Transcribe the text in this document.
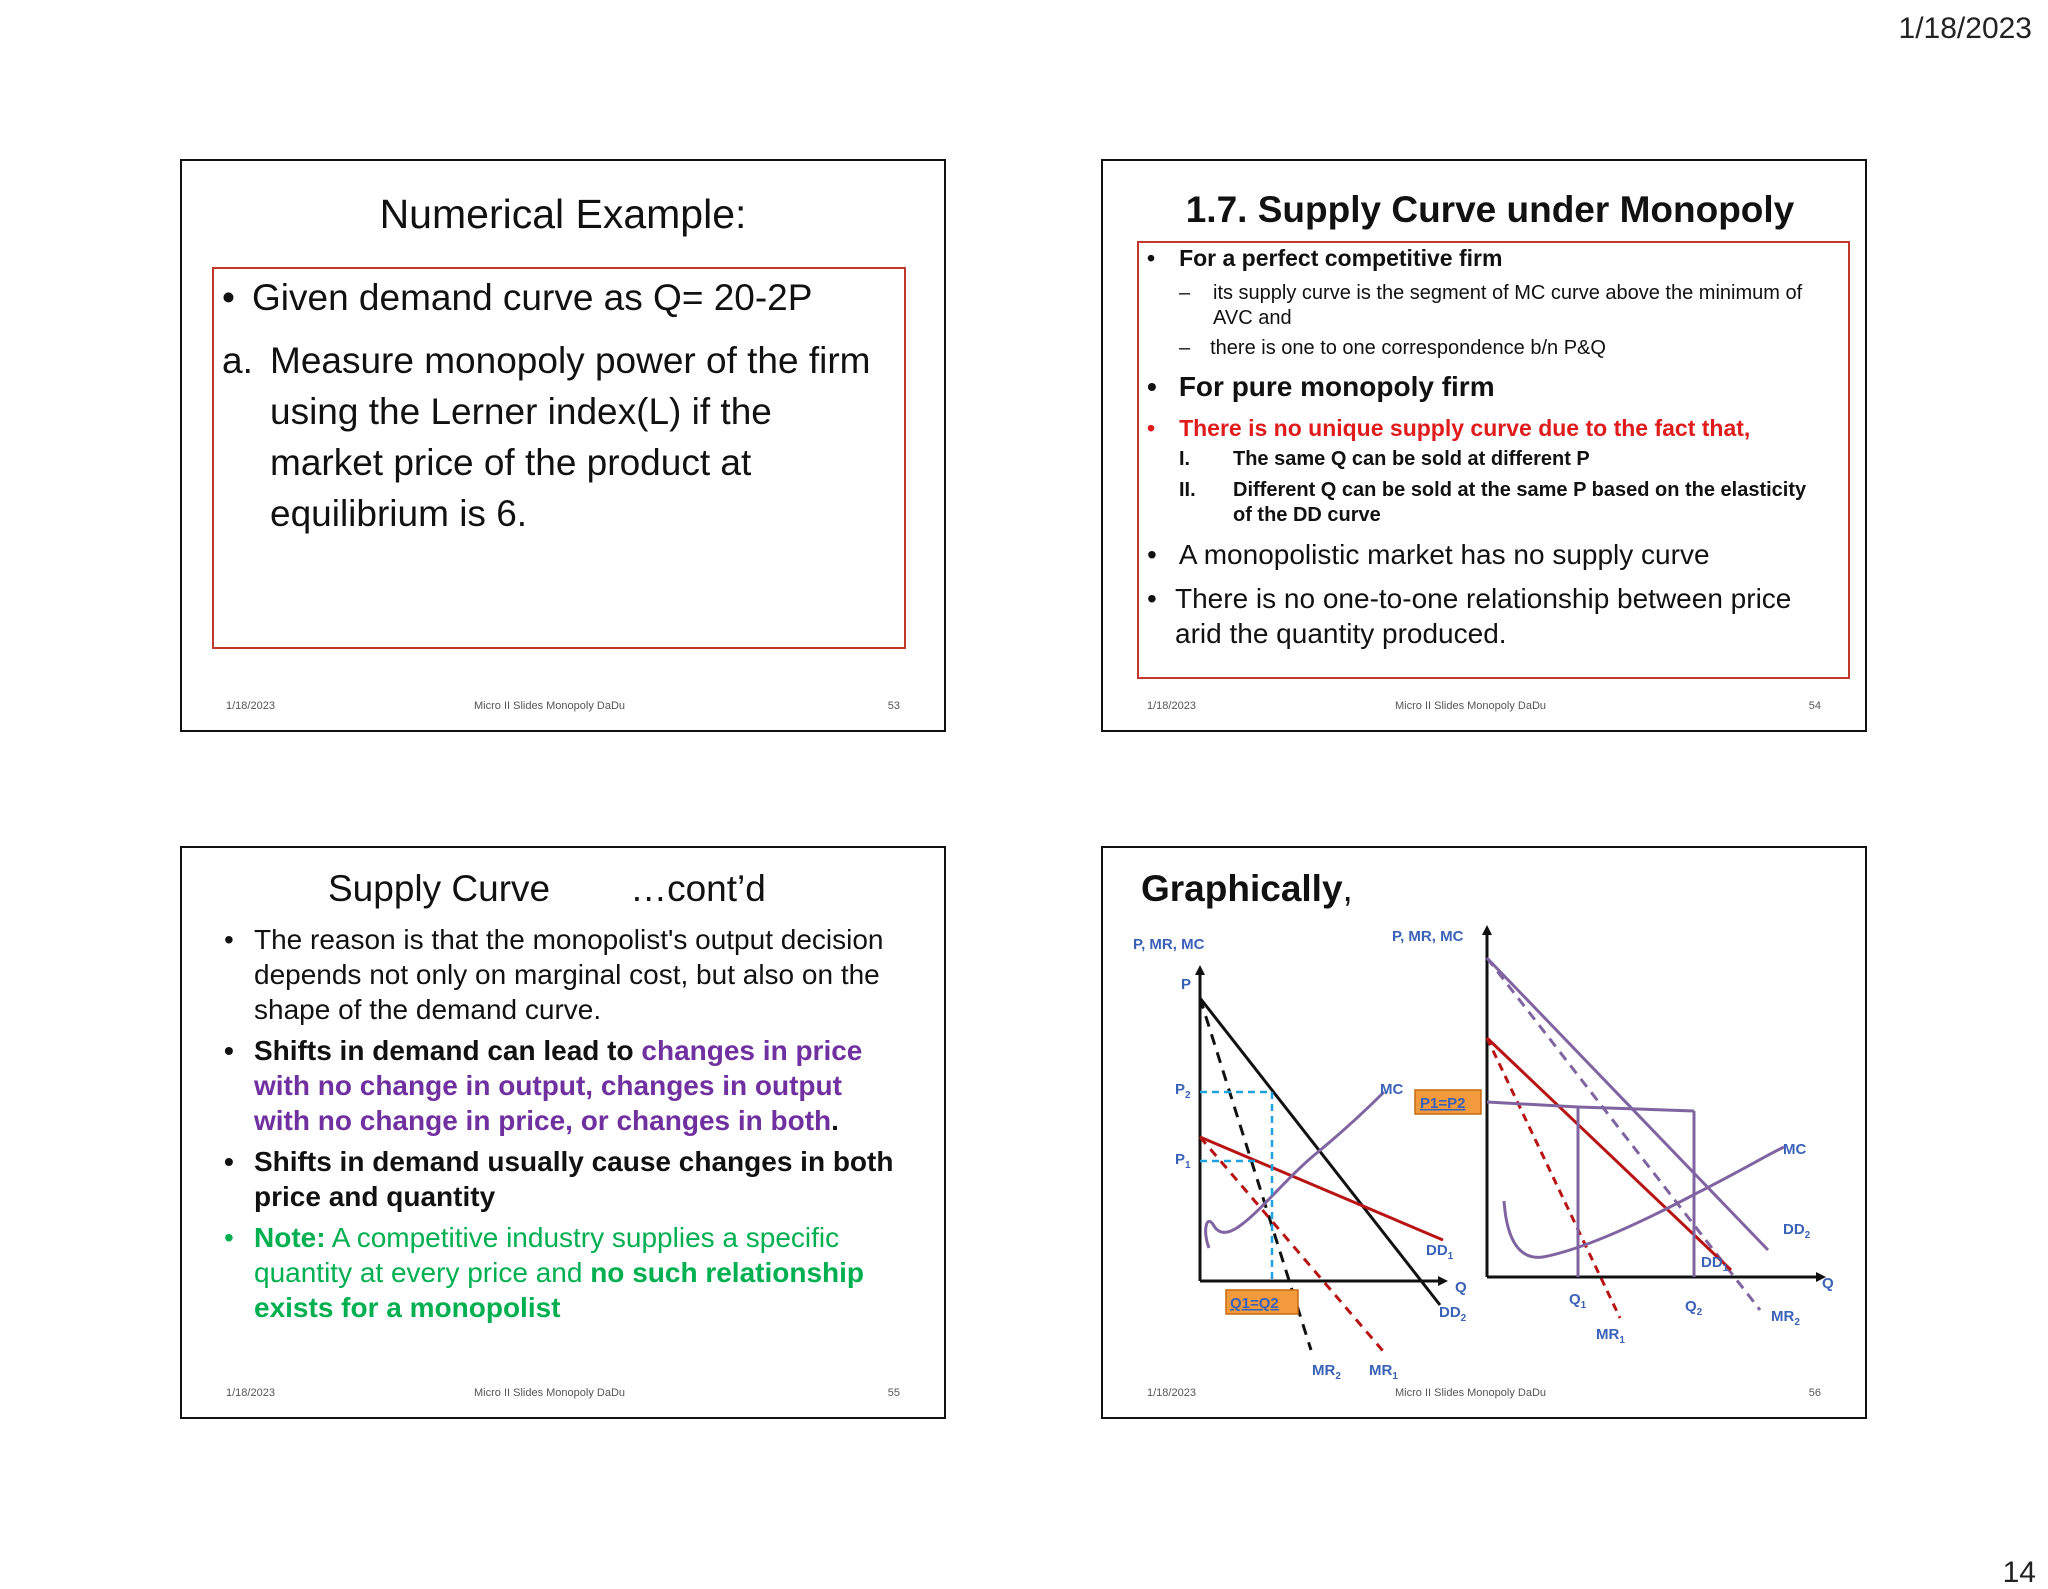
1/18/2023
14
Numerical Example:
• Given demand curve as Q= 20-2P
a. Measure monopoly power of the firm using the Lerner index(L) if the market price of the product at equilibrium is 6.
1/18/2023	Micro II Slides Monopoly DaDu	53
1.7. Supply Curve under Monopoly
• For a perfect competitive firm
– its supply curve is the segment of MC curve above the minimum of AVC and
– there is one to one correspondence b/n P&Q
• For pure monopoly firm
• There is no unique supply curve due to the fact that,
I. The same Q can be sold at different P
II. Different Q can be sold at the same P based on the elasticity of the DD curve
• A monopolistic market has no supply curve
• There is no one-to-one relationship between price arid the quantity produced.
1/18/2023	Micro II Slides Monopoly DaDu	54
Supply Curve …cont’d
• The reason is that the monopolist's output decision depends not only on marginal cost, but also on the shape of the demand curve.
• Shifts in demand can lead to changes in price with no change in output, changes in output with no change in price, or changes in both.
• Shifts in demand usually cause changes in both price and quantity
• Note: A competitive industry supplies a specific quantity at every price and no such relationship exists for a monopolist
1/18/2023	Micro II Slides Monopoly DaDu	55
Graphically,
P, MR, MC
P
$P_2$
$P_1$
MC
$DD_1$
$DD_2$
Q
Q1=Q2
$MR_2$ $MR_1$
P, MR, MC
P1=P2
MC
$DD_2$
$DD_1$
Q
$Q_1$	$Q_2$
$MR_1$
$MR_2$
1/18/2023	Micro II Slides Monopoly DaDu	56
